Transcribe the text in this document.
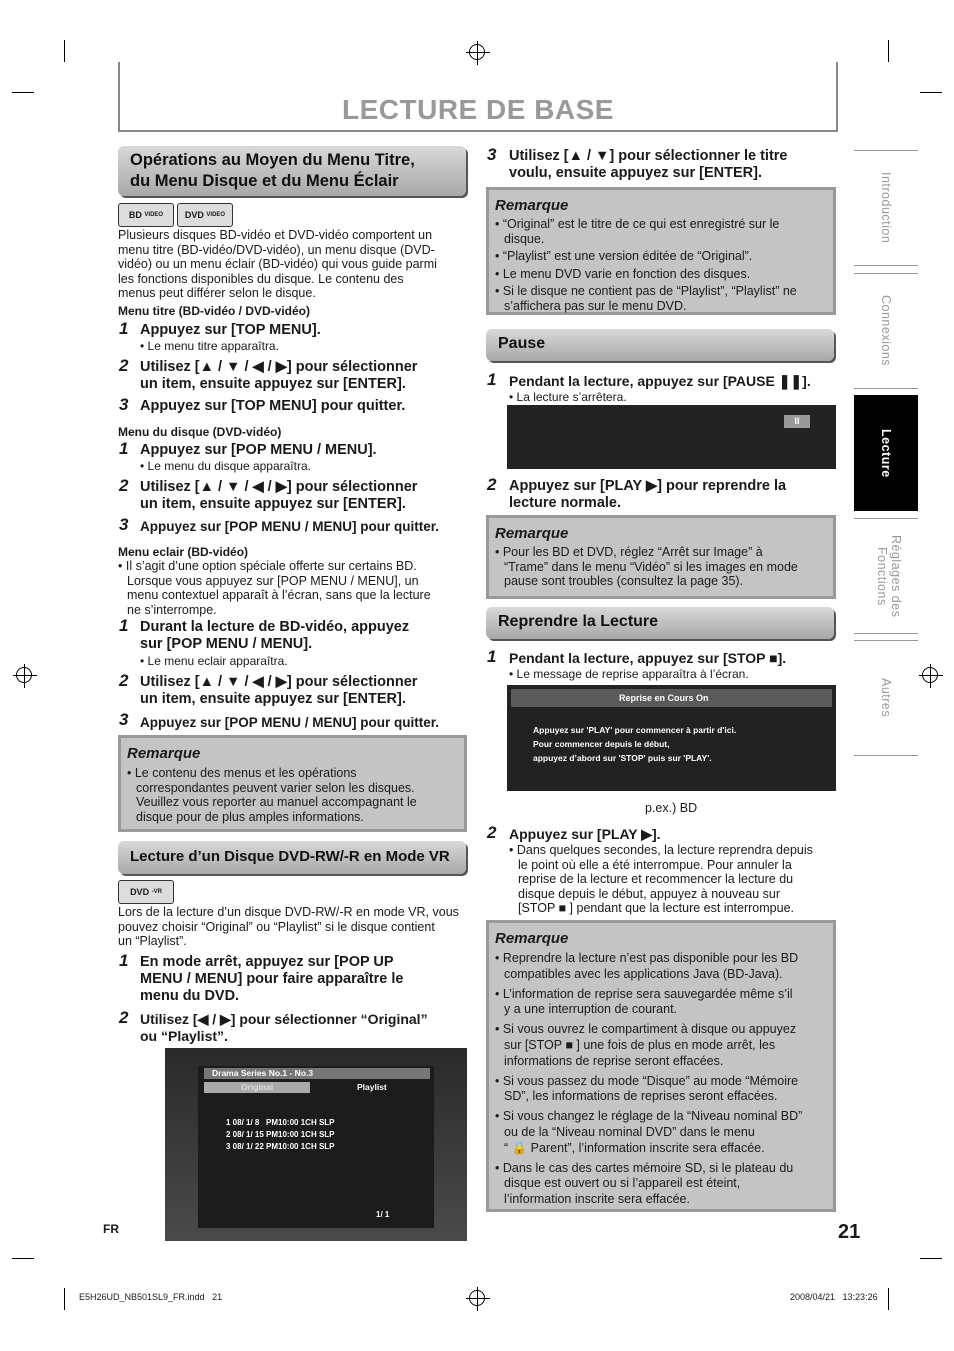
LECTURE DE BASE
Opérations au Moyen du Menu Titre,
du Menu Disque et du Menu Éclair
BD
VIDEO DVD
VIDEO
Plusieurs disques BD-vidéo et DVD-vidéo comportent un
menu titre (BD-vidéo/DVD-vidéo), un menu disque (DVD-
vidéo) ou un menu éclair (BD-vidéo) qui vous guide parmi
les fonctions disponibles du disque. Le contenu des
menus peut différer selon le disque.
Menu titre (BD-vidéo / DVD-vidéo)
1 Appuyez sur [TOP MENU].
• Le menu titre apparaîtra.
2 Utilisez [▲ / ▼ / ◀ / ▶] pour sélectionner
un item, ensuite appuyez sur [ENTER].
3 Appuyez sur [TOP MENU] pour quitter.
Menu du disque (DVD-vidéo)
1 Appuyez sur [POP MENU / MENU].
• Le menu du disque apparaîtra.
2 Utilisez [▲ / ▼ / ◀ / ▶] pour sélectionner
un item, ensuite appuyez sur [ENTER].
3 Appuyez sur [POP MENU / MENU] pour quitter.
Menu eclair (BD-vidéo)
• Il s’agit d’une option spéciale offerte sur certains BD.
Lorsque vous appuyez sur [POP MENU / MENU], un
menu contextuel apparaît à l’écran, sans que la lecture
ne s’interrompe.
1 Durant la lecture de BD-vidéo, appuyez
sur [POP MENU / MENU].
• Le menu eclair apparaîtra.
2 Utilisez [▲ / ▼ / ◀ / ▶] pour sélectionner
un item, ensuite appuyez sur [ENTER].
3 Appuyez sur [POP MENU / MENU] pour quitter.
Remarque
• Le contenu des menus et les opérations
correspondantes peuvent varier selon les disques.
Veuillez vous reporter au manuel accompagnant le
disque pour de plus amples informations.
Lecture d’un Disque DVD-RW/-R en Mode VR
DVD
-VR
Lors de la lecture d’un disque DVD-RW/-R en mode VR, vous
pouvez choisir “Original” ou “Playlist” si le disque contient
un “Playlist”.
1 En mode arrêt, appuyez sur [POP UP
MENU / MENU] pour faire apparaître le
menu du DVD.
2 Utilisez [◀ / ▶] pour sélectionner “Original”
ou “Playlist”.
Drama Series No.1 - No.3
Original	Playlist
1 08/ 1/ 8   PM10:00 1CH SLP
2 08/ 1/ 15 PM10:00 1CH SLP
3 08/ 1/ 22 PM10:00 1CH SLP
1/ 1
3 Utilisez [▲ / ▼] pour sélectionner le titre
voulu, ensuite appuyez sur [ENTER].
Remarque
• “Original” est le titre de ce qui est enregistré sur le
disque.
• “Playlist” est une version éditée de “Original”.
• Le menu DVD varie en fonction des disques.
• Si le disque ne contient pas de “Playlist”, “Playlist” ne
s’affichera pas sur le menu DVD.
Pause
1 Pendant la lecture, appuyez sur [PAUSE ❚❚].
• La lecture s’arrêtera.
II
2 Appuyez sur [PLAY ▶] pour reprendre la
lecture normale.
Remarque
• Pour les BD et DVD, réglez “Arrêt sur Image” à
“Trame” dans le menu “Vidéo” si les images en mode
pause sont troubles (consultez la page 35).
Reprendre la Lecture
1 Pendant la lecture, appuyez sur [STOP ■].
• Le message de reprise apparaîtra à l’écran.
Reprise en Cours On
Appuyez sur 'PLAY' pour commencer à partir d'ici.
Pour commencer depuis le début,
appuyez d’abord sur 'STOP' puis sur 'PLAY'.
p.ex.) BD
2 Appuyez sur [PLAY ▶].
• Dans quelques secondes, la lecture reprendra depuis
le point où elle a été interrompue. Pour annuler la
reprise de la lecture et recommencer la lecture du
disque depuis le début, appuyez à nouveau sur
[STOP ■ ] pendant que la lecture est interrompue.
Remarque
• Reprendre la lecture n’est pas disponible pour les BD
compatibles avec les applications Java (BD-Java).
• L’information de reprise sera sauvegardée même s’il
y a une interruption de courant.
• Si vous ouvrez le compartiment à disque ou appuyez
sur [STOP ■ ] une fois de plus en mode arrêt, les
informations de reprise seront effacées.
• Si vous passez du mode “Disque” au mode “Mémoire
SD”, les informations de reprises seront effacées.
• Si vous changez le réglage de la “Niveau nominal BD”
ou de la “Niveau nominal DVD” dans le menu
“ 🔒 Parent”, l’information inscrite sera effacée.
• Dans le cas des cartes mémoire SD, si le plateau du
disque est ouvert ou si l’appareil est éteint,
l’information inscrite sera effacée.
Introduction
Connexions
Lecture
Réglages des Fonctions
Autres
FR	21
E5H26UD_NB501SL9_FR.indd   21	2008/04/21   13:23:26
